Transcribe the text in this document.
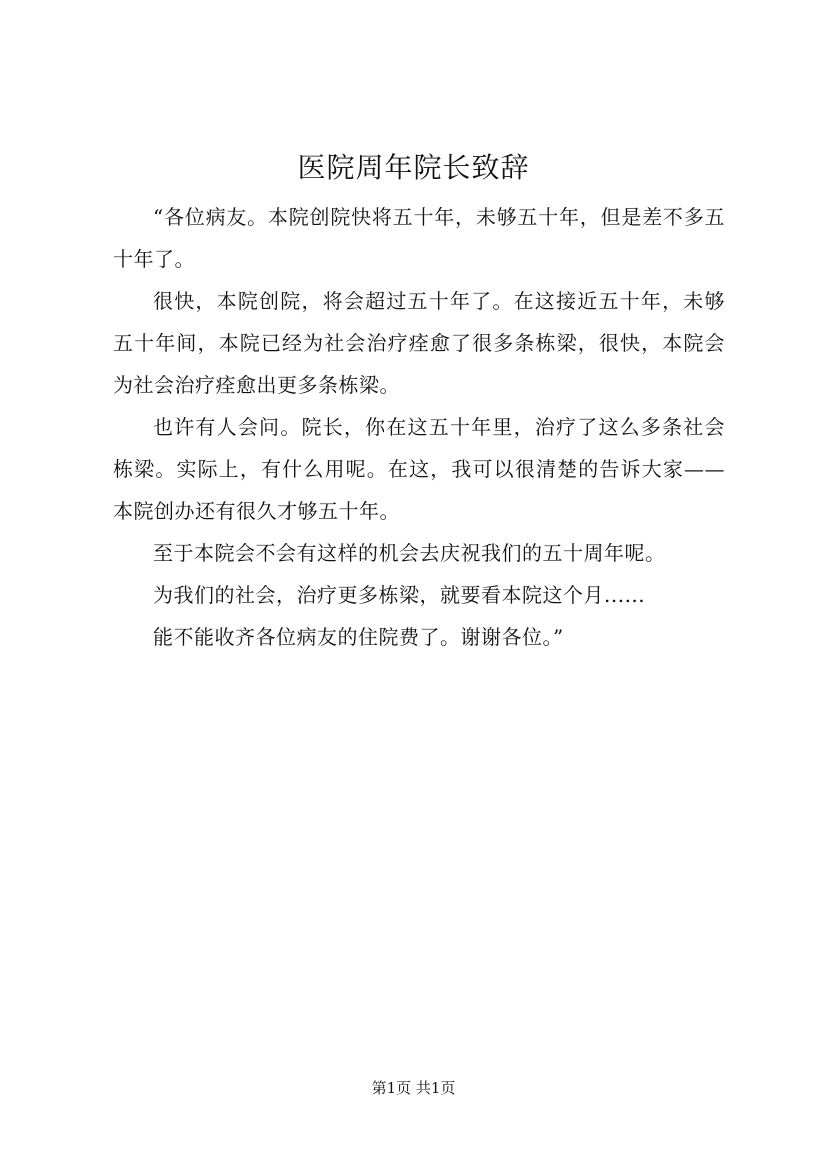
医院周年院长致辞

“各位病友。本院创院快将五十年，未够五十年，但是差不多五十年了。

很快，本院创院，将会超过五十年了。在这接近五十年，未够五十年间，本院已经为社会治疗痊愈了很多条栋梁，很快，本院会为社会治疗痊愈出更多条栋梁。

也许有人会问。院长，你在这五十年里，治疗了这么多条社会栋梁。实际上，有什么用呢。在这，我可以很清楚的告诉大家——本院创办还有很久才够五十年。

至于本院会不会有这样的机会去庆祝我们的五十周年呢。

为我们的社会，治疗更多栋梁，就要看本院这个月......

能不能收齐各位病友的住院费了。谢谢各位。”

第1页 共1页
